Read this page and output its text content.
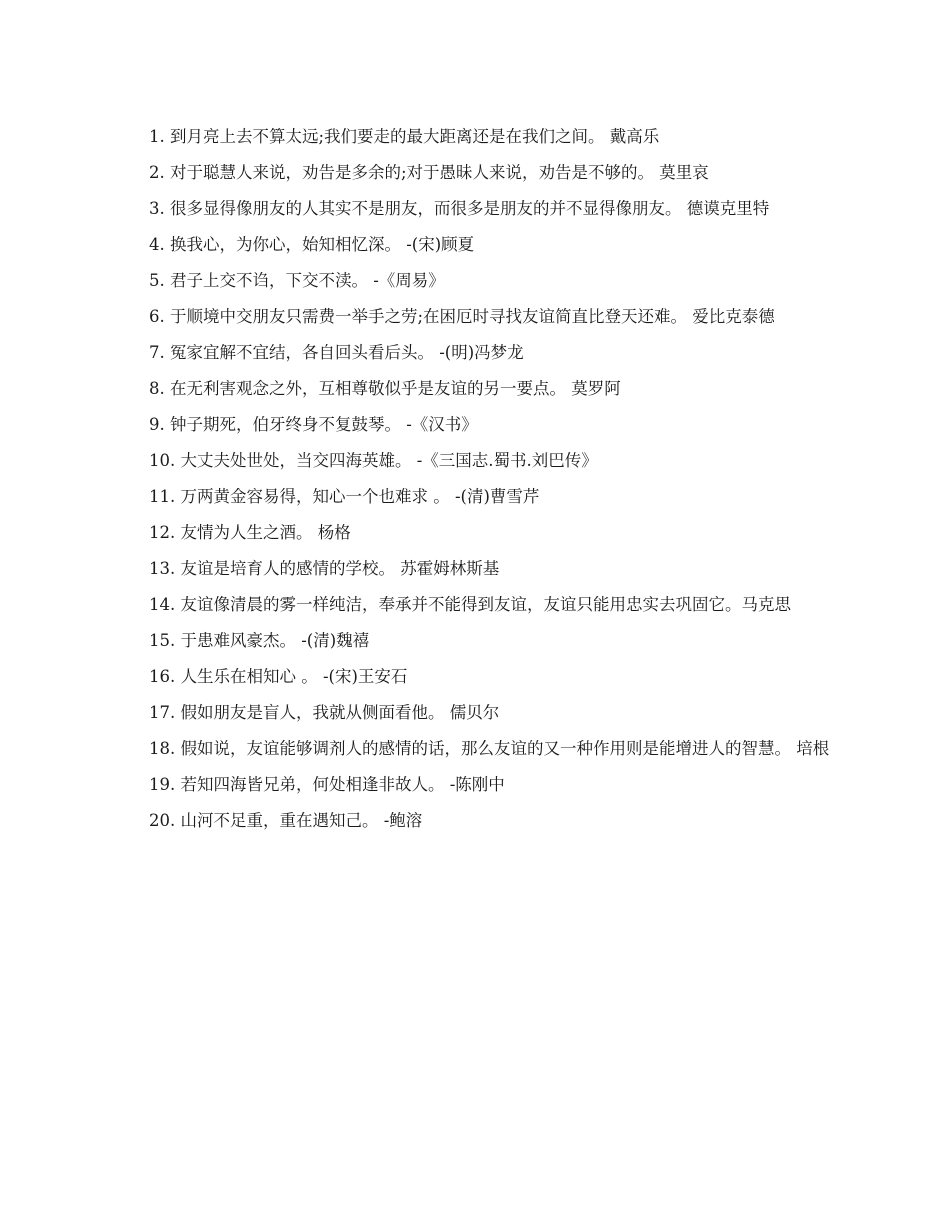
1. 到月亮上去不算太远;我们要走的最大距离还是在我们之间。 戴高乐
2. 对于聪慧人来说，劝告是多余的;对于愚昧人来说，劝告是不够的。 莫里哀
3. 很多显得像朋友的人其实不是朋友，而很多是朋友的并不显得像朋友。 德谟克里特
4. 换我心，为你心，始知相忆深。 -(宋)顾夏
5. 君子上交不诌，下交不渎。 -《周易》
6. 于顺境中交朋友只需费一举手之劳;在困厄时寻找友谊简直比登天还难。 爱比克泰德
7. 冤家宜解不宜结，各自回头看后头。 -(明)冯梦龙
8. 在无利害观念之外，互相尊敬似乎是友谊的另一要点。 莫罗阿
9. 钟子期死，伯牙终身不复鼓琴。 -《汉书》
10. 大丈夫处世处，当交四海英雄。 -《三国志.蜀书.刘巴传》
11. 万两黄金容易得，知心一个也难求 。 -(清)曹雪芹
12. 友情为人生之酒。 杨格
13. 友谊是培育人的感情的学校。 苏霍姆林斯基
14. 友谊像清晨的雾一样纯洁，奉承并不能得到友谊，友谊只能用忠实去巩固它。马克思
15. 于患难风豪杰。 -(清)魏禧
16. 人生乐在相知心 。 -(宋)王安石
17. 假如朋友是盲人，我就从侧面看他。 儒贝尔
18. 假如说，友谊能够调剂人的感情的话，那么友谊的又一种作用则是能增进人的智慧。 培根
19. 若知四海皆兄弟，何处相逢非故人。 -陈刚中
20. 山河不足重，重在遇知己。 -鲍溶
